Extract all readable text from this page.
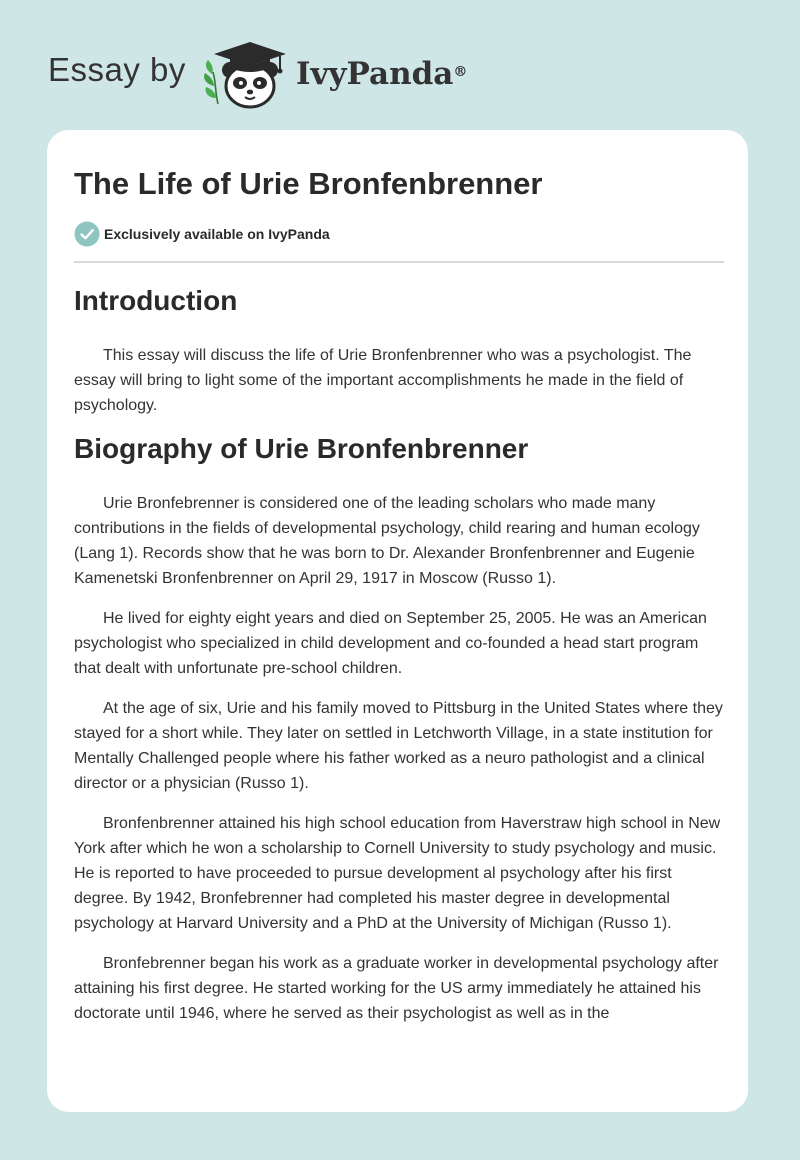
Essay by	IvyPanda®
The Life of Urie Bronfenbrenner
Exclusively available on IvyPanda
Introduction

This essay will discuss the life of Urie Bronfenbrenner who was a psychologist. The essay will bring to light some of the important accomplishments he made in the field of psychology.

Biography of Urie Bronfenbrenner

Urie Bronfebrenner is considered one of the leading scholars who made many contributions in the fields of developmental psychology, child rearing and human ecology (Lang 1). Records show that he was born to Dr. Alexander Bronfenbrenner and Eugenie Kamenetski Bronfenbrenner on April 29, 1917 in Moscow (Russo 1).

He lived for eighty eight years and died on September 25, 2005. He was an American psychologist who specialized in child development and co-founded a head start program that dealt with unfortunate pre-school children.

At the age of six, Urie and his family moved to Pittsburg in the United States where they stayed for a short while. They later on settled in Letchworth Village, in a state institution for Mentally Challenged people where his father worked as a neuro pathologist and a clinical director or a physician (Russo 1).

Bronfenbrenner attained his high school education from Haverstraw high school in New York after which he won a scholarship to Cornell University to study psychology and music. He is reported to have proceeded to pursue development al psychology after his first degree. By 1942, Bronfebrenner had completed his master degree in developmental psychology at Harvard University and a PhD at the University of Michigan (Russo 1).

Bronfebrenner began his work as a graduate worker in developmental psychology after attaining his first degree. He started working for the US army immediately he attained his doctorate until 1946, where he served as their psychologist as well as in the
